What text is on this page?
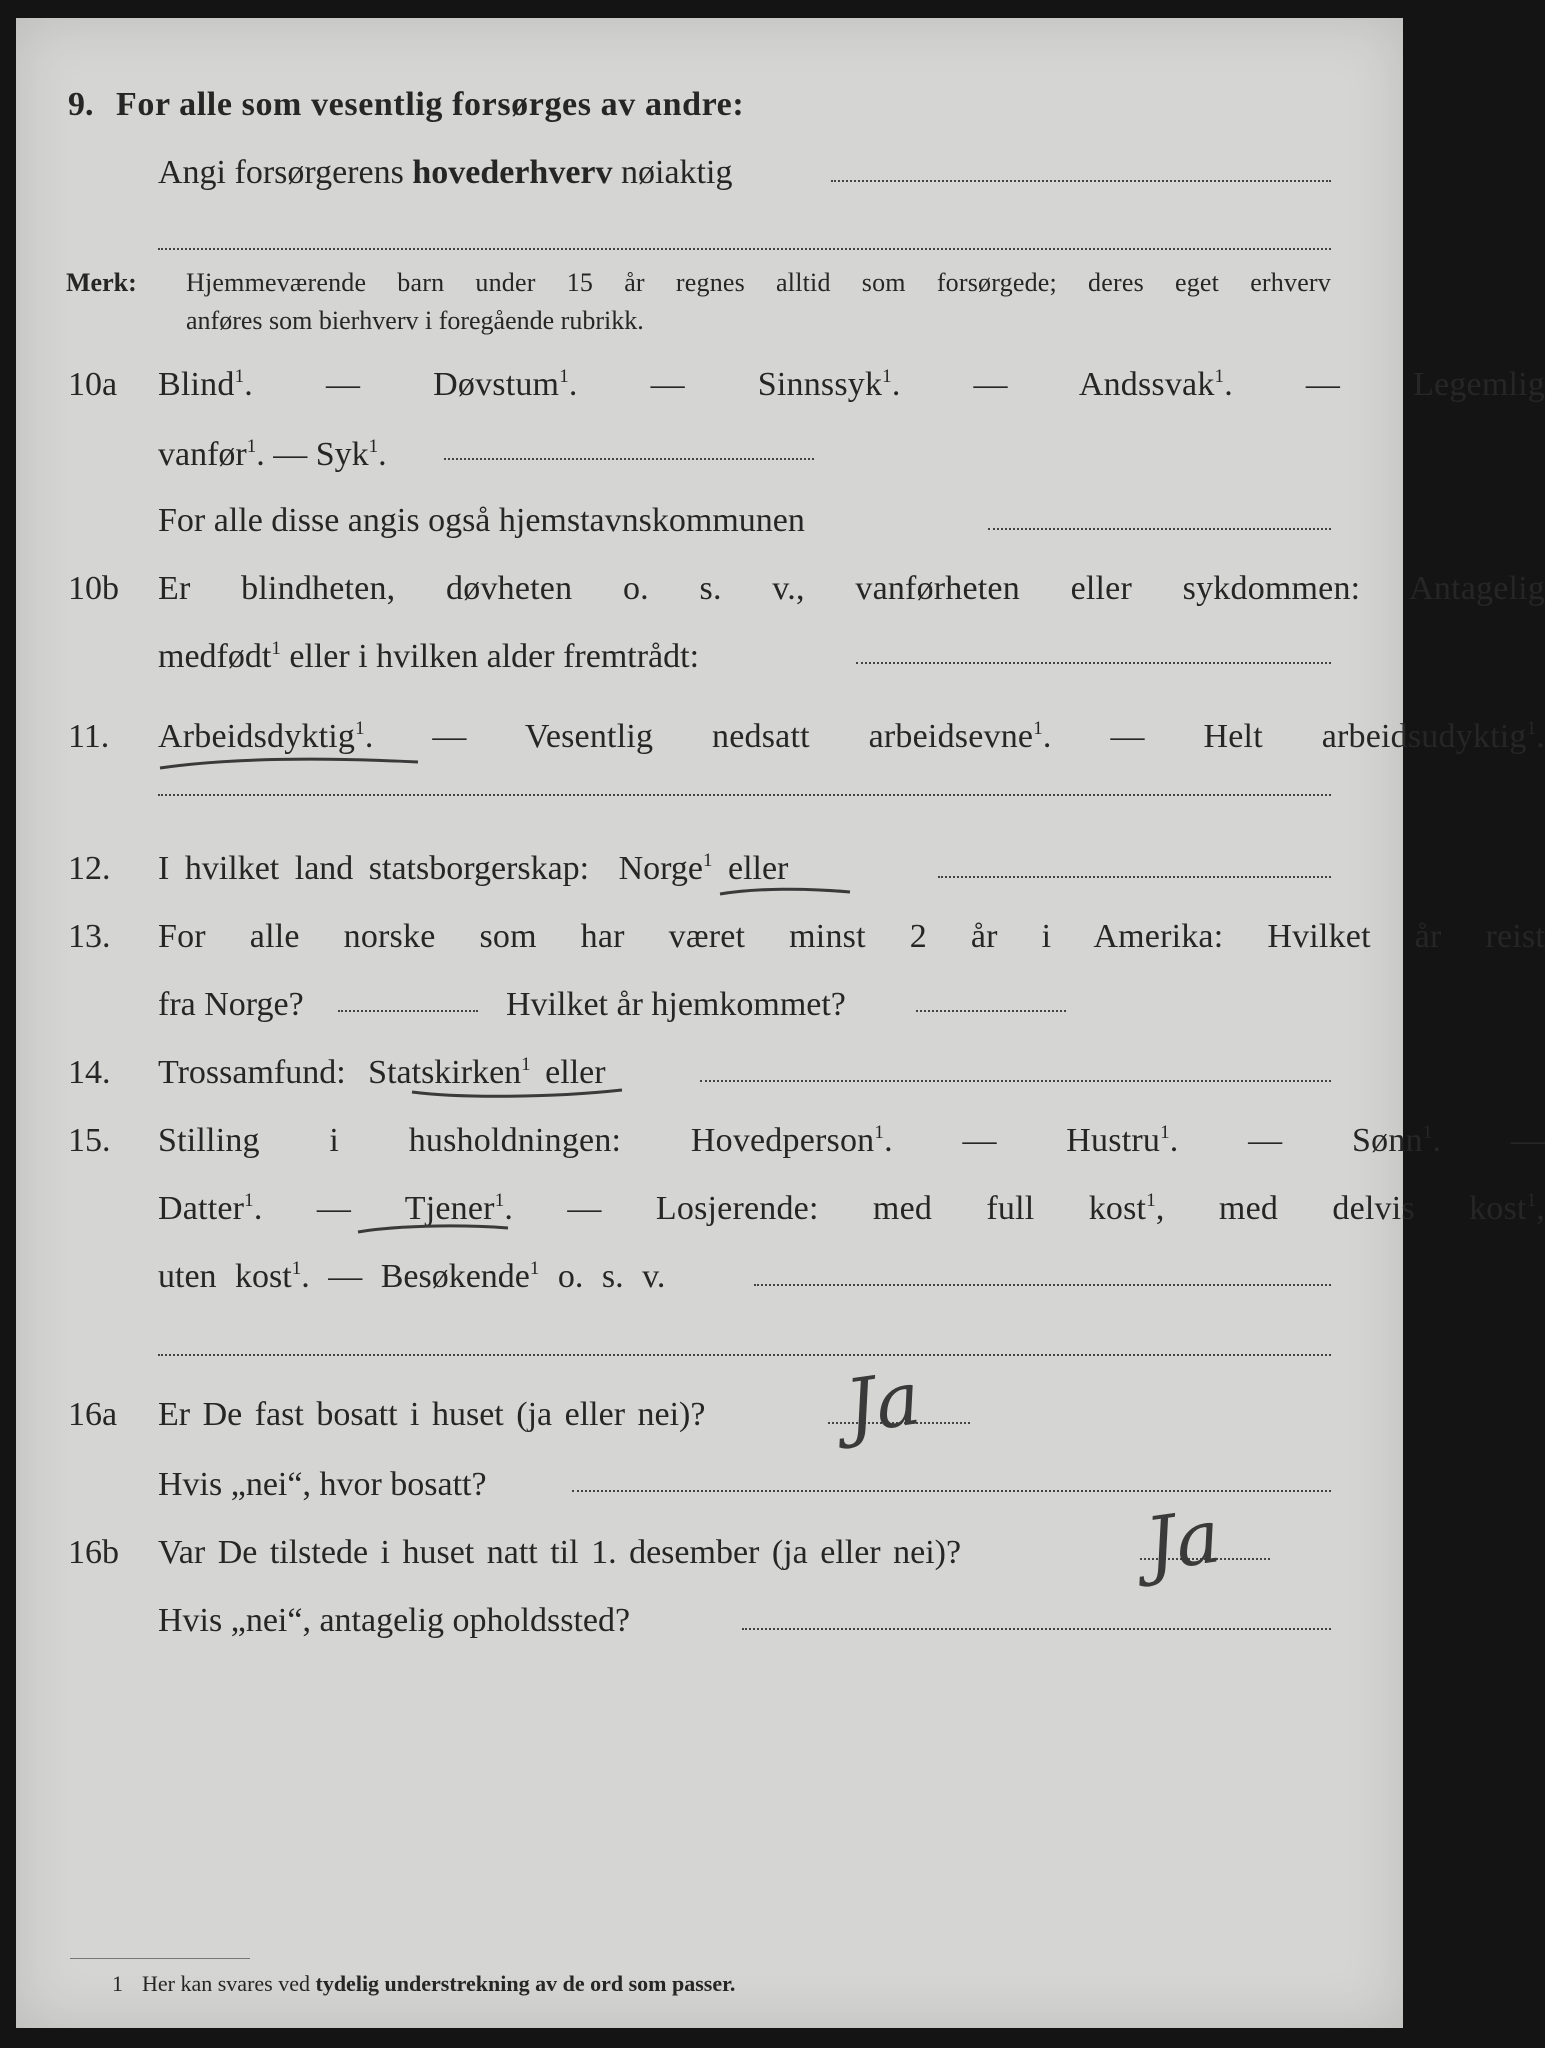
9. For alle som vesentlig forsørges av andre:
Angi forsørgerens hovederhverv nøiaktig
Merk: Hjemmeværende barn under 15 år regnes alltid som forsørgede; deres eget erhverv
anføres som bierhverv i foregående rubrikk.
10a Blind$^1$. — Døvstum$^1$. — Sinnssyk$^1$. — Andssvak$^1$. — Legemlig
vanfør$^1$. — Syk$^1$.
For alle disse angis også hjemstavnskommunen
10b Er blindheten, døvheten o. s. v., vanførheten eller sykdommen: Antagelig
medfødt$^1$ eller i hvilken alder fremtrådt:
11. Arbeidsdyktig$^1$. — Vesentlig nedsatt arbeidsevne$^1$. — Helt arbeidsudyktig$^1$.
12. I hvilket land statsborgerskap: Norge$^1$ eller
13. For alle norske som har været minst 2 år i Amerika: Hvilket år reist
fra Norge?	Hvilket år hjemkommet?
14. Trossamfund: Statskirken$^1$ eller
15. Stilling i husholdningen: Hovedperson$^1$. — Hustru$^1$. — Sønn$^1$. —
Datter$^1$. — Tjener$^1$. — Losjerende: med full kost$^1$, med delvis kost$^1$,
uten kost$^1$. — Besøkende$^1$ o. s. v.
16a Er De fast bosatt i huset (ja eller nei)?	Ja
Hvis „nei“, hvor bosatt?
16b Var De tilstede i huset natt til 1. desember (ja eller nei)?	Ja
Hvis „nei“, antagelig opholdssted?
1 Her kan svares ved tydelig understrekning av de ord som passer.
